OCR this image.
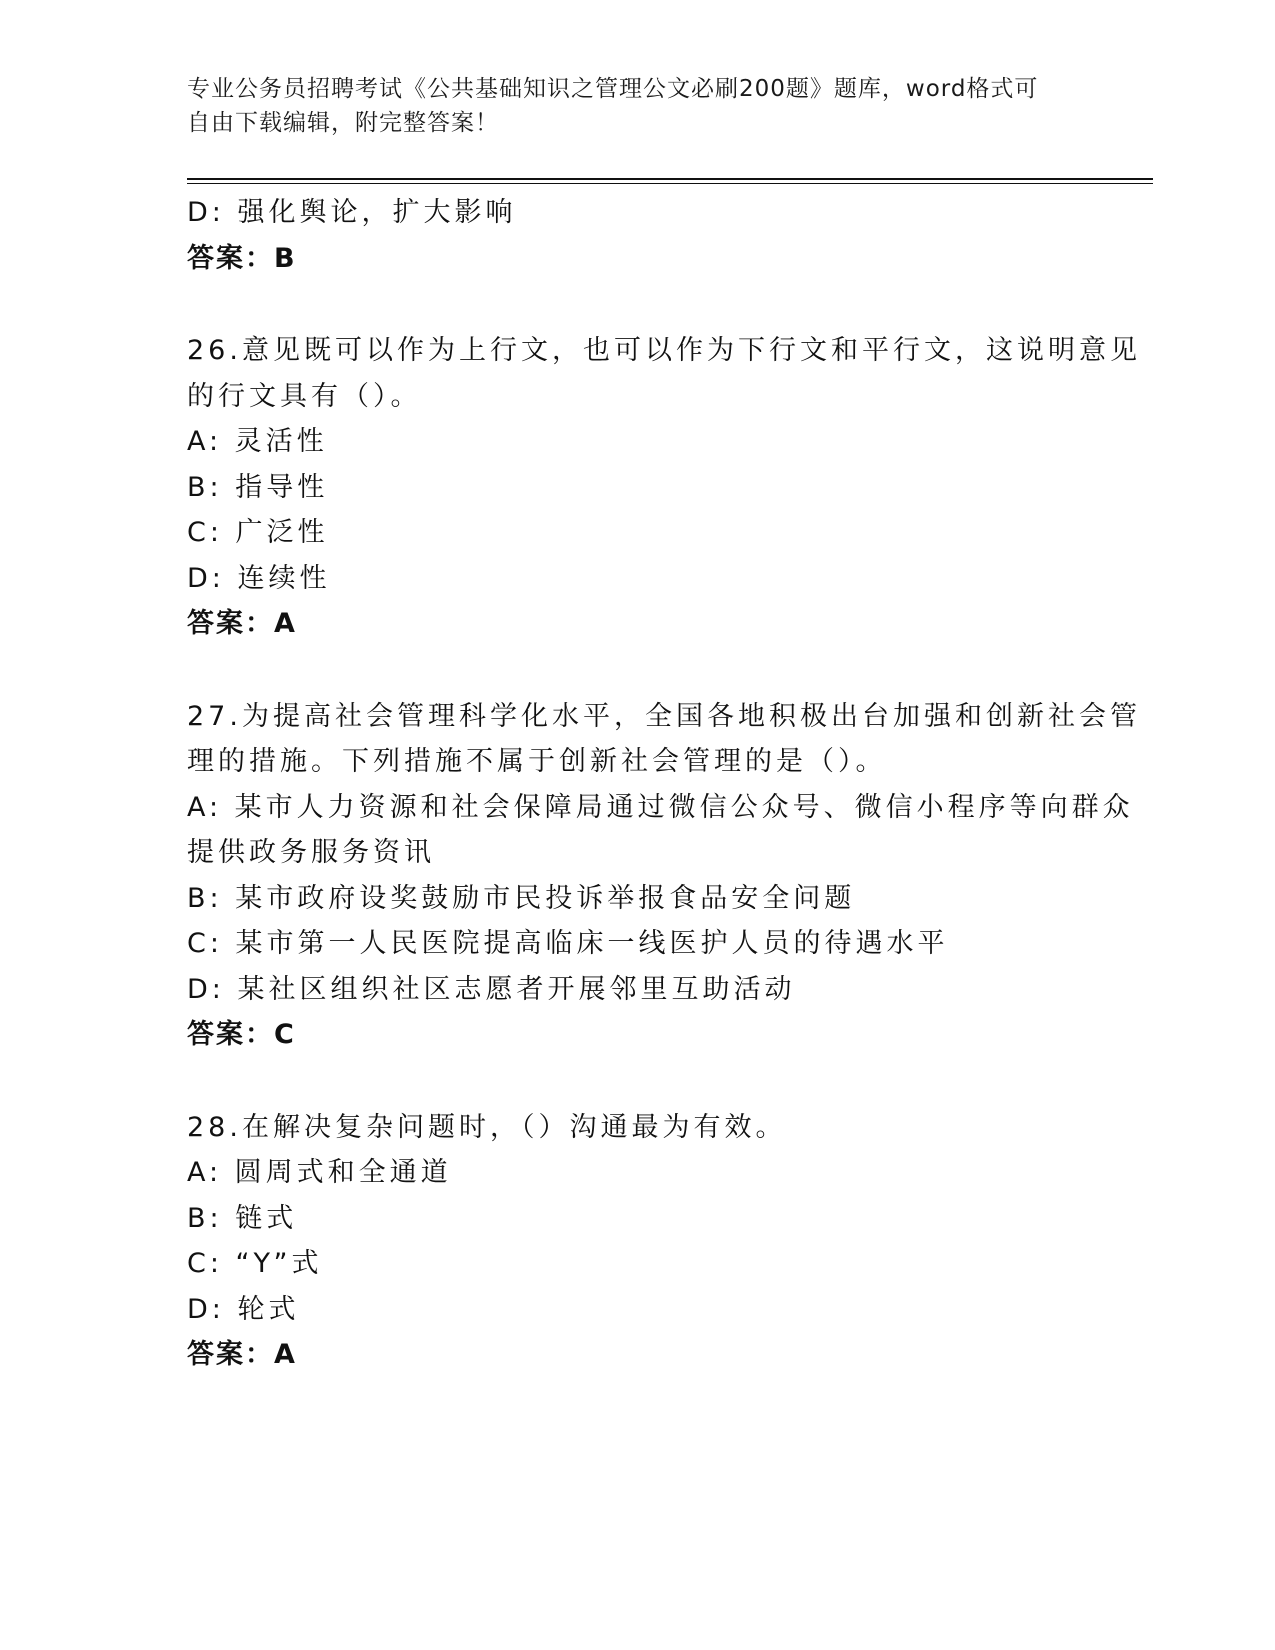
专业公务员招聘考试《公共基础知识之管理公文必刷200题》题库，word格式可
自由下载编辑，附完整答案！
D: 强化舆论，扩大影响
答案：B
26.意见既可以作为上行文，也可以作为下行文和平行文，这说明意见
的行文具有（）。
A: 灵活性
B: 指导性
C: 广泛性
D: 连续性
答案：A
27.为提高社会管理科学化水平，全国各地积极出台加强和创新社会管
理的措施。下列措施不属于创新社会管理的是（）。
A: 某市人力资源和社会保障局通过微信公众号、微信小程序等向群众
提供政务服务资讯
B: 某市政府设奖鼓励市民投诉举报食品安全问题
C: 某市第一人民医院提高临床一线医护人员的待遇水平
D: 某社区组织社区志愿者开展邻里互助活动
答案：C
28.在解决复杂问题时，（）沟通最为有效。
A: 圆周式和全通道
B: 链式
C: “Y”式
D: 轮式
答案：A
